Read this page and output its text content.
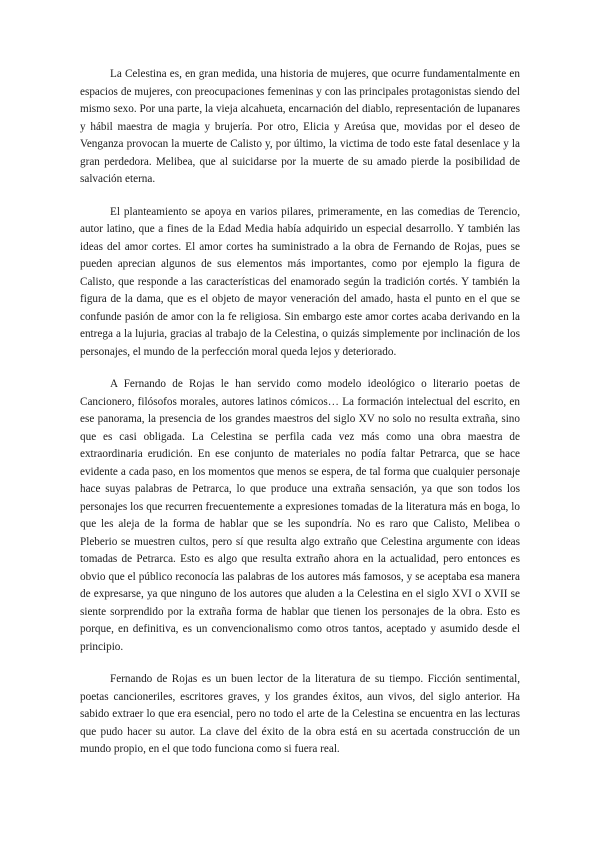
La Celestina es, en gran medida, una historia de mujeres, que ocurre fundamentalmente en espacios de mujeres, con preocupaciones femeninas y con las principales protagonistas siendo del mismo sexo. Por una parte, la vieja alcahueta, encarnación del diablo, representación de lupanares y hábil maestra de magia y brujería. Por otro, Elicia y Areúsa que, movidas por el deseo de Venganza provocan la muerte de Calisto y, por último, la victima de todo este fatal desenlace y la gran perdedora. Melibea, que al suicidarse por la muerte de su amado pierde la posibilidad de salvación eterna.

El planteamiento se apoya en varios pilares, primeramente, en las comedias de Terencio, autor latino, que a fines de la Edad Media había adquirido un especial desarrollo. Y también las ideas del amor cortes. El amor cortes ha suministrado a la obra de Fernando de Rojas, pues se pueden aprecian algunos de sus elementos más importantes, como por ejemplo la figura de Calisto, que responde a las características del enamorado según la tradición cortés. Y también la figura de la dama, que es el objeto de mayor veneración del amado, hasta el punto en el que se confunde pasión de amor con la fe religiosa. Sin embargo este amor cortes acaba derivando en la entrega a la lujuria, gracias al trabajo de la Celestina, o quizás simplemente por inclinación de los personajes, el mundo de la perfección moral queda lejos y deteriorado.

A Fernando de Rojas le han servido como modelo ideológico o literario poetas de Cancionero, filósofos morales, autores latinos cómicos… La formación intelectual del escrito, en ese panorama, la presencia de los grandes maestros del siglo XV no solo no resulta extraña, sino que es casi obligada. La Celestina se perfila cada vez más como una obra maestra de extraordinaria erudición. En ese conjunto de materiales no podía faltar Petrarca, que se hace evidente a cada paso, en los momentos que menos se espera, de tal forma que cualquier personaje hace suyas palabras de Petrarca, lo que produce una extraña sensación, ya que son todos los personajes los que recurren frecuentemente a expresiones tomadas de la literatura más en boga, lo que les aleja de la forma de hablar que se les supondría. No es raro que Calisto, Melibea o Pleberio se muestren cultos, pero sí que resulta algo extraño que Celestina argumente con ideas tomadas de Petrarca. Esto es algo que resulta extraño ahora en la actualidad, pero entonces es obvio que el público reconocía las palabras de los autores más famosos, y se aceptaba esa manera de expresarse, ya que ninguno de los autores que aluden a la Celestina en el siglo XVI o XVII se siente sorprendido por la extraña forma de hablar que tienen los personajes de la obra. Esto es porque, en definitiva, es un convencionalismo como otros tantos, aceptado y asumido desde el principio.

Fernando de Rojas es un buen lector de la literatura de su tiempo. Ficción sentimental, poetas cancioneriles, escritores graves, y los grandes éxitos, aun vivos, del siglo anterior. Ha sabido extraer lo que era esencial, pero no todo el arte de la Celestina se encuentra en las lecturas que pudo hacer su autor. La clave del éxito de la obra está en su acertada construcción de un mundo propio, en el que todo funciona como si fuera real.
